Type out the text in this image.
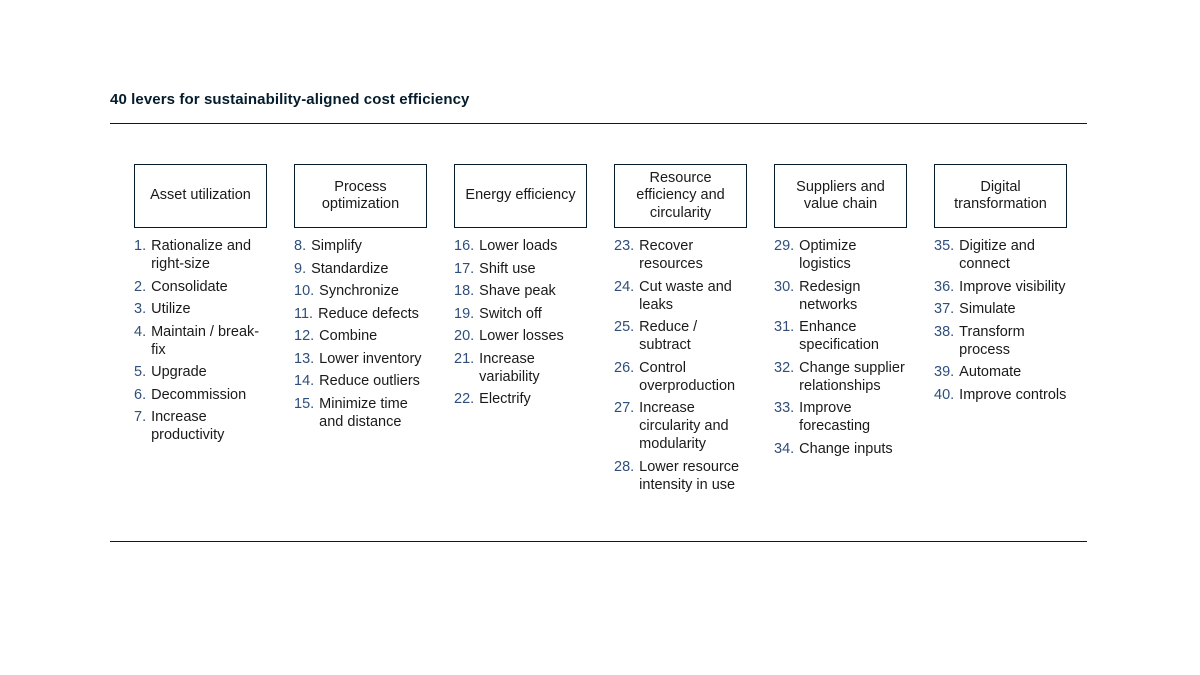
40 levers for sustainability-aligned cost efficiency
Asset utilization
1. Rationalize and right-size
2. Consolidate
3. Utilize
4. Maintain / break-fix
5. Upgrade
6. Decommission
7. Increase productivity
Process optimization
8. Simplify
9. Standardize
10. Synchronize
11. Reduce defects
12. Combine
13. Lower inventory
14. Reduce outliers
15. Minimize time and distance
Energy efficiency
16. Lower loads
17. Shift use
18. Shave peak
19. Switch off
20. Lower losses
21. Increase variability
22. Electrify
Resource efficiency and circularity
23. Recover resources
24. Cut waste and leaks
25. Reduce / subtract
26. Control overproduction
27. Increase circularity and modularity
28. Lower resource intensity in use
Suppliers and value chain
29. Optimize logistics
30. Redesign networks
31. Enhance specification
32. Change supplier relationships
33. Improve forecasting
34. Change inputs
Digital transformation
35. Digitize and connect
36. Improve visibility
37. Simulate
38. Transform process
39. Automate
40. Improve controls
